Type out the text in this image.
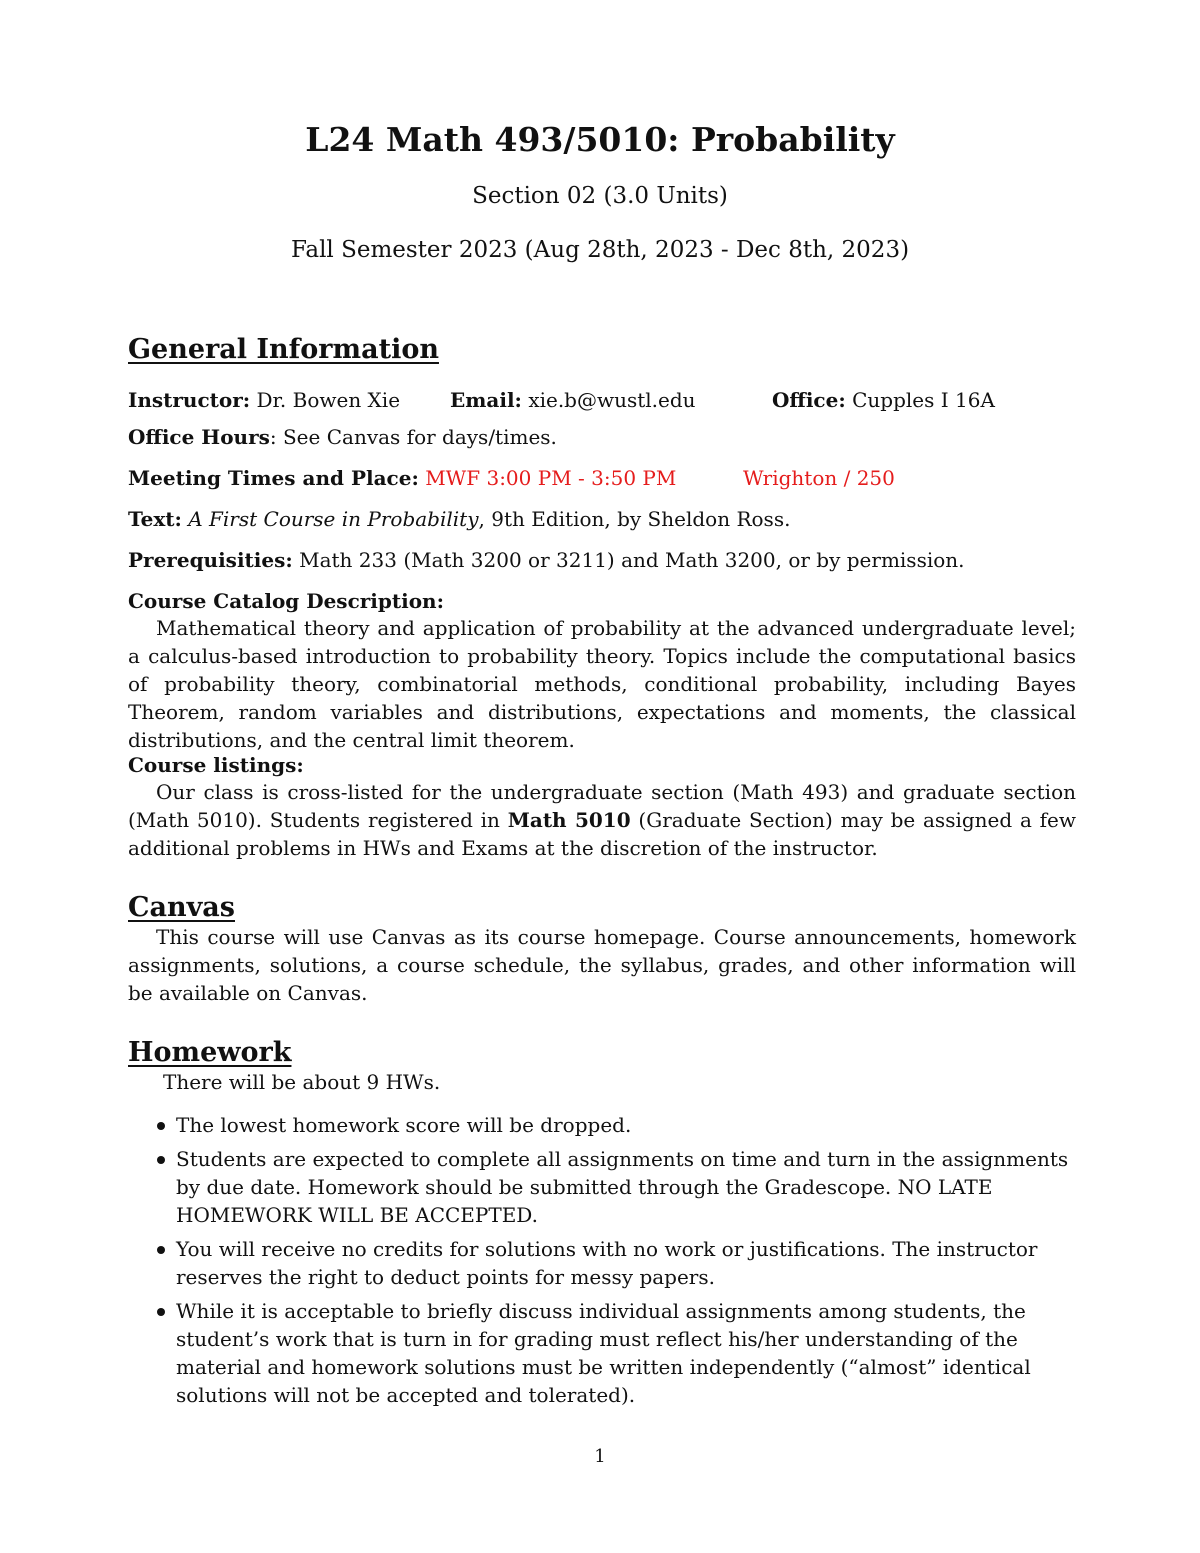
L24 Math 493/5010: Probability
Section 02 (3.0 Units)
Fall Semester 2023 (Aug 28th, 2023 - Dec 8th, 2023)
General Information
Instructor: Dr. Bowen Xie Email: xie.b@wustl.edu	Office: Cupples I 16A
Office Hours: See Canvas for days/times.
Meeting Times and Place: MWF 3:00 PM - 3:50 PM	Wrighton / 250
Text: A First Course in Probability, 9th Edition, by Sheldon Ross.
Prerequisities: Math 233 (Math 3200 or 3211) and Math 3200, or by permission.
Course Catalog Description:
Mathematical theory and application of probability at the advanced undergraduate level; a calculus-based introduction to probability theory. Topics include the computational basics of probability theory, combinatorial methods, conditional probability, including Bayes Theorem, random variables and distributions, expectations and moments, the classical distributions, and the central limit theorem.
Course listings:
Our class is cross-listed for the undergraduate section (Math 493) and graduate section (Math 5010). Students registered in Math 5010 (Graduate Section) may be assigned a few additional problems in HWs and Exams at the discretion of the instructor.
Canvas
This course will use Canvas as its course homepage. Course announcements, homework assignments, solutions, a course schedule, the syllabus, grades, and other information will be available on Canvas.
Homework
There will be about 9 HWs.
The lowest homework score will be dropped.
Students are expected to complete all assignments on time and turn in the assignments by due date. Homework should be submitted through the Gradescope. NO LATE HOMEWORK WILL BE ACCEPTED.
You will receive no credits for solutions with no work or justifications. The instructor reserves the right to deduct points for messy papers.
While it is acceptable to briefly discuss individual assignments among students, the student’s work that is turn in for grading must reflect his/her understanding of the material and homework solutions must be written independently (“almost” identical solutions will not be accepted and tolerated).
1
